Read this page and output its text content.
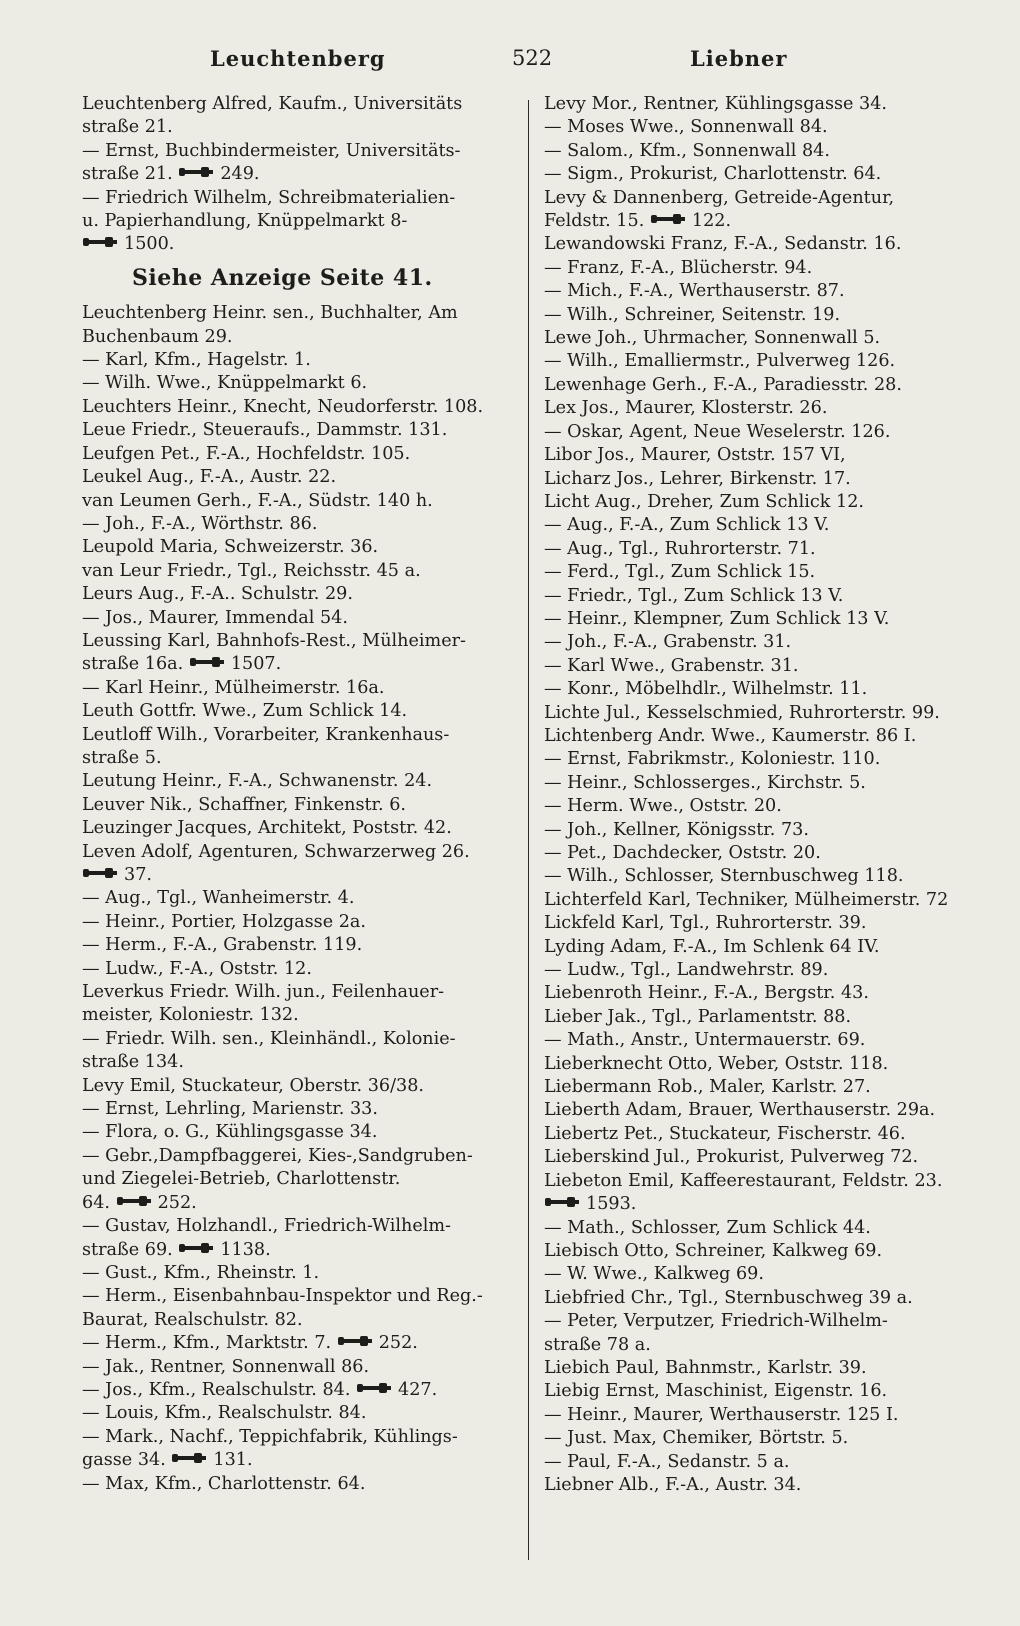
Leuchtenberg	522	Liebner
Leuchtenberg Alfred, Kaufm., Universitäts
straße 21.
— Ernst, Buchbindermeister, Universitäts-
straße 21.	249.
— Friedrich Wilhelm, Schreibmaterialien-
u. Papierhandlung, Knüppelmarkt 8-
1500.
Siehe Anzeige Seite 41.
Leuchtenberg Heinr. sen., Buchhalter, Am
Buchenbaum 29.
— Karl, Kfm., Hagelstr. 1.
— Wilh. Wwe., Knüppelmarkt 6.
Leuchters Heinr., Knecht, Neudorferstr. 108.
Leue Friedr., Steueraufs., Dammstr. 131.
Leufgen Pet., F.-A., Hochfeldstr. 105.
Leukel Aug., F.-A., Austr. 22.
van Leumen Gerh., F.-A., Südstr. 140 h.
— Joh., F.-A., Wörthstr. 86.
Leupold Maria, Schweizerstr. 36.
van Leur Friedr., Tgl., Reichsstr. 45 a.
Leurs Aug., F.-A.. Schulstr. 29.
— Jos., Maurer, Immendal 54.
Leussing Karl, Bahnhofs-Rest., Mülheimer-
straße 16a.	1507.
— Karl Heinr., Mülheimerstr. 16a.
Leuth Gottfr. Wwe., Zum Schlick 14.
Leutloff Wilh., Vorarbeiter, Krankenhaus-
straße 5.
Leutung Heinr., F.-A., Schwanenstr. 24.
Leuver Nik., Schaffner, Finkenstr. 6.
Leuzinger Jacques, Architekt, Poststr. 42.
Leven Adolf, Agenturen, Schwarzerweg 26.
37.
— Aug., Tgl., Wanheimerstr. 4.
— Heinr., Portier, Holzgasse 2a.
— Herm., F.-A., Grabenstr. 119.
— Ludw., F.-A., Oststr. 12.
Leverkus Friedr. Wilh. jun., Feilenhauer-
meister, Koloniestr. 132.
— Friedr. Wilh. sen., Kleinhändl., Kolonie-
straße 134.
Levy Emil, Stuckateur, Oberstr. 36/38.
— Ernst, Lehrling, Marienstr. 33.
— Flora, o. G., Kühlingsgasse 34.
— Gebr.,Dampfbaggerei, Kies-,Sandgruben-
und Ziegelei-Betrieb, Charlottenstr.
64.	252.
— Gustav, Holzhandl., Friedrich-Wilhelm-
straße 69.	1138.
— Gust., Kfm., Rheinstr. 1.
— Herm., Eisenbahnbau-Inspektor und Reg.-
Baurat, Realschulstr. 82.
— Herm., Kfm., Marktstr. 7.	252.
— Jak., Rentner, Sonnenwall 86.
— Jos., Kfm., Realschulstr. 84.	427.
— Louis, Kfm., Realschulstr. 84.
— Mark., Nachf., Teppichfabrik, Kühlings-
gasse 34.	131.
— Max, Kfm., Charlottenstr. 64.
Levy Mor., Rentner, Kühlingsgasse 34.
— Moses Wwe., Sonnenwall 84.
— Salom., Kfm., Sonnenwall 84.
— Sigm., Prokurist, Charlottenstr. 64.
Levy & Dannenberg, Getreide-Agentur,
Feldstr. 15.	122.
Lewandowski Franz, F.-A., Sedanstr. 16.
— Franz, F.-A., Blücherstr. 94.
— Mich., F.-A., Werthauserstr. 87.
— Wilh., Schreiner, Seitenstr. 19.
Lewe Joh., Uhrmacher, Sonnenwall 5.
— Wilh., Emalliermstr., Pulverweg 126.
Lewenhage Gerh., F.-A., Paradiesstr. 28.
Lex Jos., Maurer, Klosterstr. 26.
— Oskar, Agent, Neue Weselerstr. 126.
Libor Jos., Maurer, Oststr. 157 VI,
Licharz Jos., Lehrer, Birkenstr. 17.
Licht Aug., Dreher, Zum Schlick 12.
— Aug., F.-A., Zum Schlick 13 V.
— Aug., Tgl., Ruhrorterstr. 71.
— Ferd., Tgl., Zum Schlick 15.
— Friedr., Tgl., Zum Schlick 13 V.
— Heinr., Klempner, Zum Schlick 13 V.
— Joh., F.-A., Grabenstr. 31.
— Karl Wwe., Grabenstr. 31.
— Konr., Möbelhdlr., Wilhelmstr. 11.
Lichte Jul., Kesselschmied, Ruhrorterstr. 99.
Lichtenberg Andr. Wwe., Kaumerstr. 86 I.
— Ernst, Fabrikmstr., Koloniestr. 110.
— Heinr., Schlosserges., Kirchstr. 5.
— Herm. Wwe., Oststr. 20.
— Joh., Kellner, Königsstr. 73.
— Pet., Dachdecker, Oststr. 20.
— Wilh., Schlosser, Sternbuschweg 118.
Lichterfeld Karl, Techniker, Mülheimerstr. 72
Lickfeld Karl, Tgl., Ruhrorterstr. 39.
Lyding Adam, F.-A., Im Schlenk 64 IV.
— Ludw., Tgl., Landwehrstr. 89.
Liebenroth Heinr., F.-A., Bergstr. 43.
Lieber Jak., Tgl., Parlamentstr. 88.
— Math., Anstr., Untermauerstr. 69.
Lieberknecht Otto, Weber, Oststr. 118.
Liebermann Rob., Maler, Karlstr. 27.
Lieberth Adam, Brauer, Werthauserstr. 29a.
Liebertz Pet., Stuckateur, Fischerstr. 46.
Lieberskind Jul., Prokurist, Pulverweg 72.
Liebeton Emil, Kaffeerestaurant, Feldstr. 23.
1593.
— Math., Schlosser, Zum Schlick 44.
Liebisch Otto, Schreiner, Kalkweg 69.
— W. Wwe., Kalkweg 69.
Liebfried Chr., Tgl., Sternbuschweg 39 a.
— Peter, Verputzer, Friedrich-Wilhelm-
straße 78 a.
Liebich Paul, Bahnmstr., Karlstr. 39.
Liebig Ernst, Maschinist, Eigenstr. 16.
— Heinr., Maurer, Werthauserstr. 125 I.
— Just. Max, Chemiker, Börtstr. 5.
— Paul, F.-A., Sedanstr. 5 a.
Liebner Alb., F.-A., Austr. 34.
